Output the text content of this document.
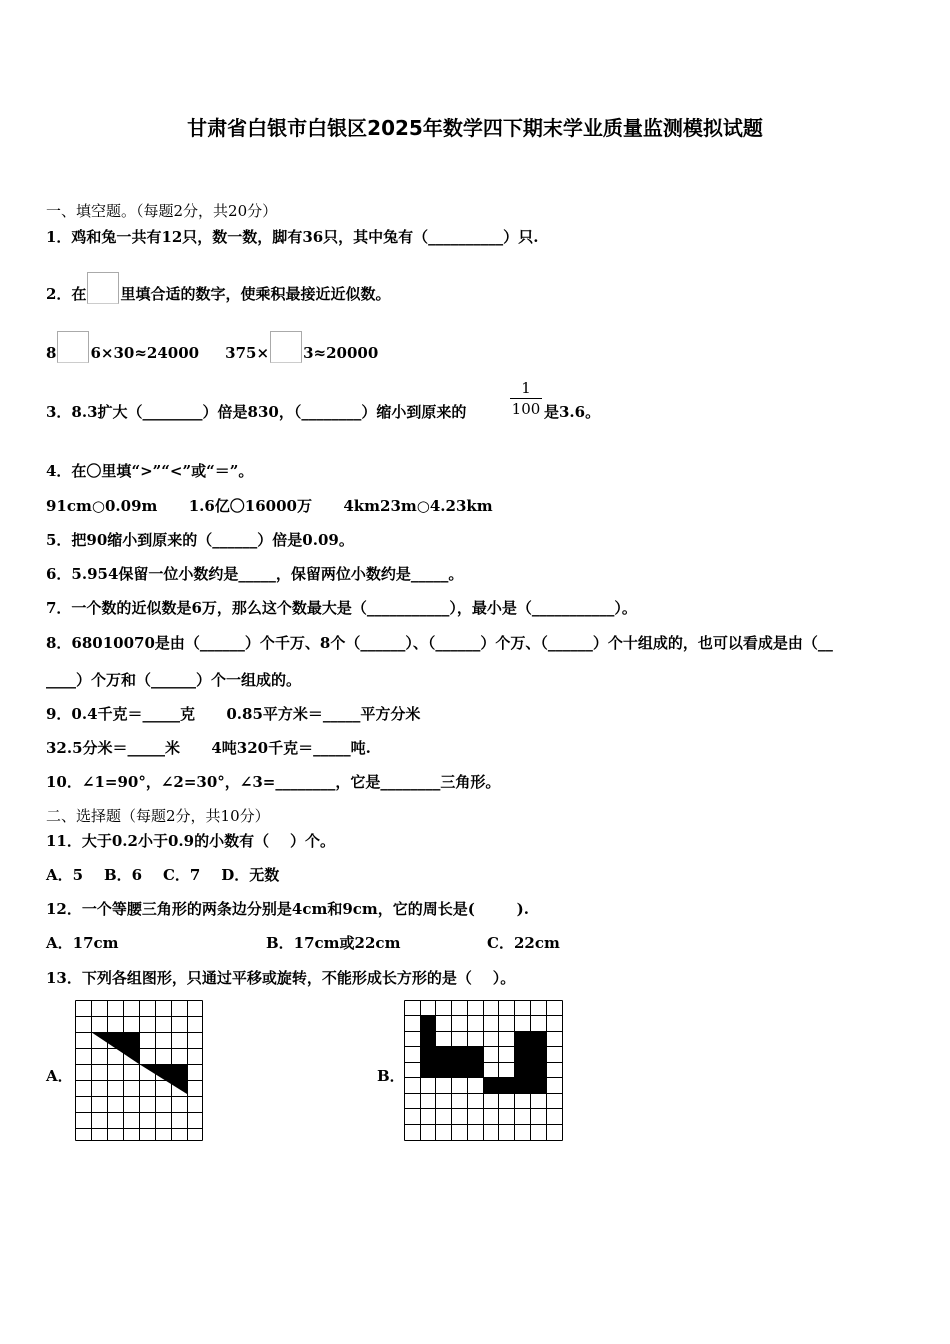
甘肃省白银市白银区2025年数学四下期末学业质量监测模拟试题
一、填空题。（每题2分，共20分）
1．鸡和兔一共有12只，数一数，脚有36只，其中兔有（__________）只.
2．在 里填合适的数字，使乘积最接近近似数。
8 6×30≈24000     375× 3≈20000
3．8.3扩大（________）倍是830，（________）缩小到原来的	$\frac{1}{100}$ 是3.6。
4．在〇里填“>”“<”或“＝”。
91cm○0.09m      1.6亿〇16000万      4km23m○4.23km
5．把90缩小到原来的（______）倍是0.09。
6．5.954保留一位小数约是_____，保留两位小数约是_____。
7．一个数的近似数是6万，那么这个数最大是（___________），最小是（___________）。
8．68010070是由（______）个千万、8个（______）、（______）个万、（______）个十组成的，也可以看成是由（__
____）个万和（______）个一组成的。
9．0.4千克＝_____克      0.85平方米＝_____平方分米
32.5分米＝_____米      4吨320千克＝_____吨.
10．∠1=90°，∠2=30°，∠3=________，它是________三角形。
二、选择题（每题2分，共10分）
11．大于0.2小于0.9的小数有（    ）个。
A．5    B．6    C．7    D．无数
12．一个等腰三角形的两条边分别是4cm和9cm，它的周长是(        ).
A．17cm	B．17cm或22cm	C．22cm
13．下列各组图形，只通过平移或旋转，不能形成长方形的是（    ）。
A．	B．
